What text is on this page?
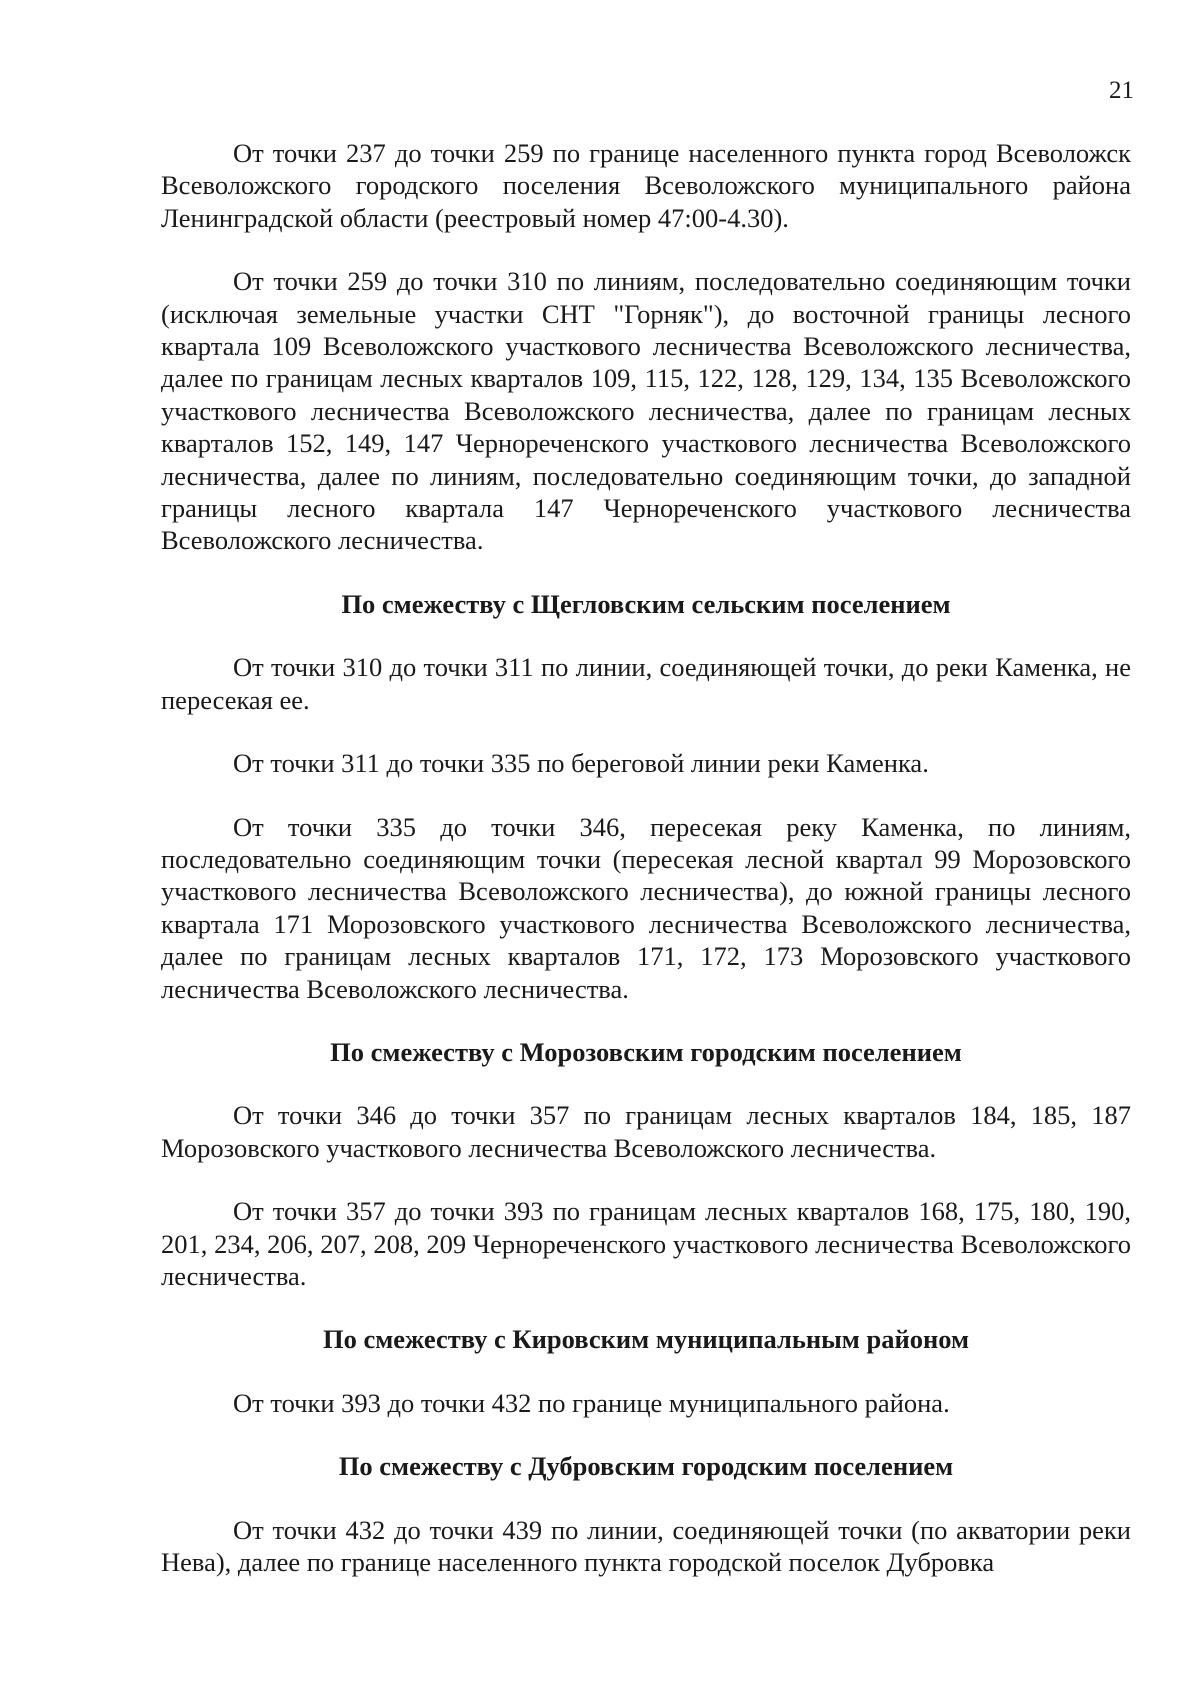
21

От точки 237 до точки 259 по границе населенного пункта город Всеволожск Всеволожского городского поселения Всеволожского муниципального района Ленинградской области (реестровый номер 47:00-4.30).

От точки 259 до точки 310 по линиям, последовательно соединяющим точки (исключая земельные участки СНТ "Горняк"), до восточной границы лесного квартала 109 Всеволожского участкового лесничества Всеволожского лесничества, далее по границам лесных кварталов 109, 115, 122, 128, 129, 134, 135 Всеволожского участкового лесничества Всеволожского лесничества, далее по границам лесных кварталов 152, 149, 147 Черноречeнского участкового лесничества Всеволожского лесничества, далее по линиям, последовательно соединяющим точки, до западной границы лесного квартала 147 Черноречeнского участкового лесничества Всеволожского лесничества.

По смежеству с Щегловским сельским поселением

От точки 310 до точки 311 по линии, соединяющей точки, до реки Каменка, не пересекая ее.

От точки 311 до точки 335 по береговой линии реки Каменка.

От точки 335 до точки 346, пересекая реку Каменка, по линиям, последовательно соединяющим точки (пересекая лесной квартал 99 Морозовского участкового лесничества Всеволожского лесничества), до южной границы лесного квартала 171 Морозовского участкового лесничества Всеволожского лесничества, далее по границам лесных кварталов 171, 172, 173 Морозовского участкового лесничества Всеволожского лесничества.

По смежеству с Морозовским городским поселением

От точки 346 до точки 357 по границам лесных кварталов 184, 185, 187 Морозовского участкового лесничества Всеволожского лесничества.

От точки 357 до точки 393 по границам лесных кварталов 168, 175, 180, 190, 201, 234, 206, 207, 208, 209 Черноречeнского участкового лесничества Всеволожского лесничества.

По смежеству с Кировским муниципальным районом

От точки 393 до точки 432 по границе муниципального района.

По смежеству с Дубровским городским поселением

От точки 432 до точки 439 по линии, соединяющей точки (по акватории реки Нева), далее по границе населенного пункта городской поселок Дубровка
